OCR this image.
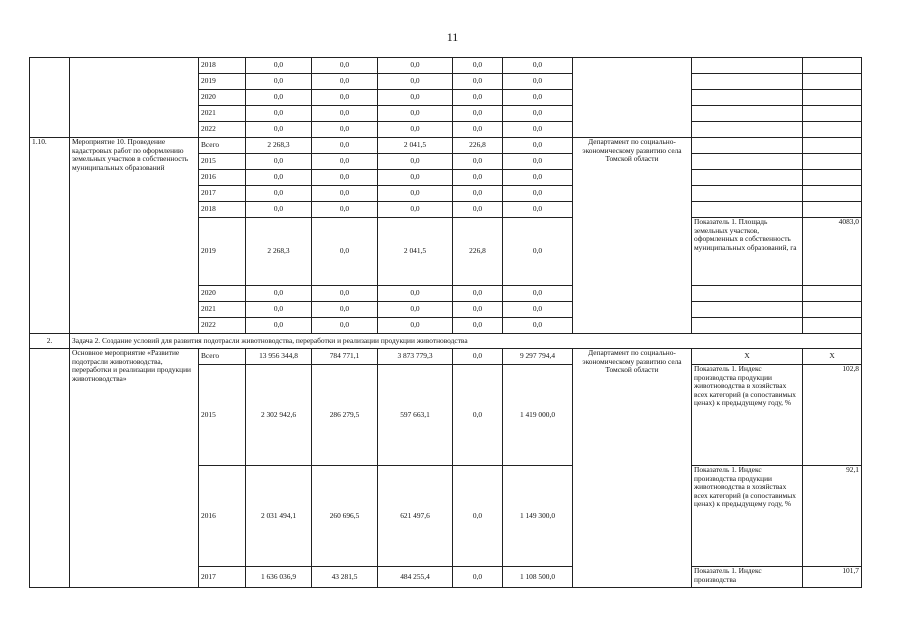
11
		2018	0,0	0,0	0,0	0,0	0,0			
		2019	0,0	0,0	0,0	0,0	0,0			
		2020	0,0	0,0	0,0	0,0	0,0			
		2021	0,0	0,0	0,0	0,0	0,0			
		2022	0,0	0,0	0,0	0,0	0,0			
1.10.	Мероприятие 10. Проведение кадастровых работ по оформлению земельных участков в собственность муниципальных образований	Всего	2 268,3	0,0	2 041,5	226,8	0,0	Департамент по социально-экономическому развитию села Томской области		
		2015	0,0	0,0	0,0	0,0	0,0			
		2016	0,0	0,0	0,0	0,0	0,0			
		2017	0,0	0,0	0,0	0,0	0,0			
		2018	0,0	0,0	0,0	0,0	0,0			
		2019	2 268,3	0,0	2 041,5	226,8	0,0		Показатель 1. Площадь земельных участков, оформленных в собственность муниципальных образований, га	4083,0
		2020	0,0	0,0	0,0	0,0	0,0			
		2021	0,0	0,0	0,0	0,0	0,0			
		2022	0,0	0,0	0,0	0,0	0,0			
2.	Задача 2. Создание условий для развития подотрасли животноводства, переработки и реализации продукции животноводства									
	Основное мероприятие «Развитие подотрасли животноводства, переработки и реализации продукции животноводства»	Всего	13 956 344,8	784 771,1	3 873 779,3	0,0	9 297 794,4	Департамент по социально-экономическому развитию села Томской области	Х	Х
		2015	2 302 942,6	286 279,5	597 663,1	0,0	1 419 000,0		Показатель 1. Индекс производства продукции животноводства в хозяйствах всех категорий (в сопоставимых ценах) к предыдущему году, %	102,8
		2016	2 031 494,1	260 696,5	621 497,6	0,0	1 149 300,0		Показатель 1. Индекс производства продукции животноводства в хозяйствах всех категорий (в сопоставимых ценах) к предыдущему году, %	92,1
		2017	1 636 036,9	43 281,5	484 255,4	0,0	1 108 500,0		Показатель 1. Индекс производства	101,7
